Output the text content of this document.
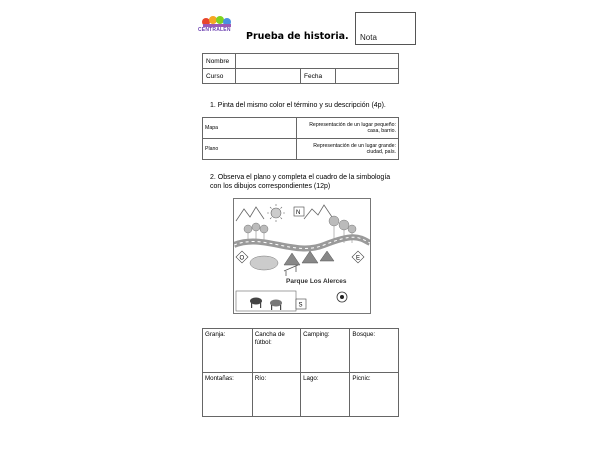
CENTRALEN
Prueba de historia. Nota
Nombre			
Curso		Fecha	
1. Pinta del mismo color el término y su descripción (4p).
Mapa	Representación de un lugar pequeño: casa, barrio.
Plano	Representación de un lugar grande: ciudad, país.
2. Observa el plano y completa el cuadro de la simbología con los dibujos correspondientes (12p)
N
O	E
Parque Los Alerces
S
Granja:	Cancha de fútbol:	Camping:	Bosque:
Montañas:	Río:	Lago:	Picnic:
